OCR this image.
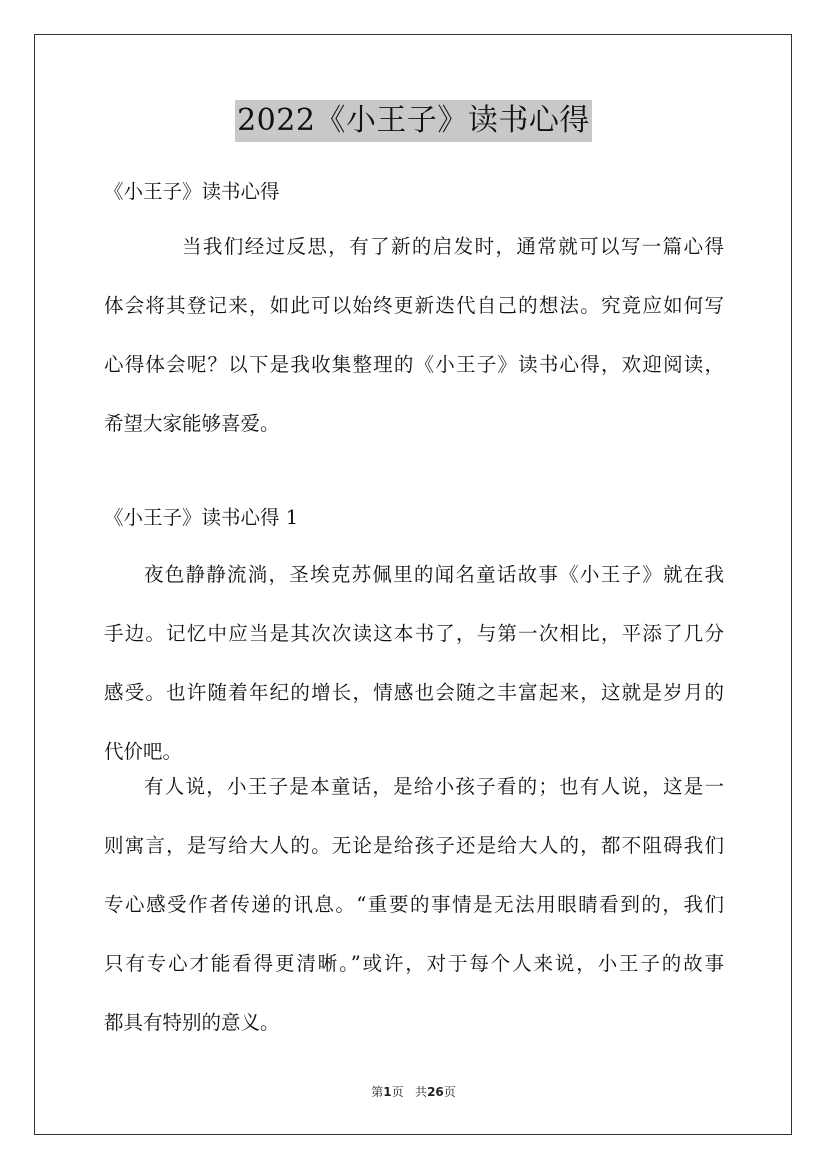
2022《小王子》读书心得

《小王子》读书心得

当我们经过反思，有了新的启发时，通常就可以写一篇心得
体会将其登记来，如此可以始终更新迭代自己的想法。究竟应如何写
心得体会呢？以下是我收集整理的《小王子》读书心得，欢迎阅读，
希望大家能够喜爱。

《小王子》读书心得 1

夜色静静流淌，圣埃克苏佩里的闻名童话故事《小王子》就在我
手边。记忆中应当是其次次读这本书了，与第一次相比，平添了几分
感受。也许随着年纪的增长，情感也会随之丰富起来，这就是岁月的
代价吧。

有人说，小王子是本童话，是给小孩子看的；也有人说，这是一
则寓言，是写给大人的。无论是给孩子还是给大人的，都不阻碍我们
专心感受作者传递的讯息。“重要的事情是无法用眼睛看到的，我们
只有专心才能看得更清晰。”或许，对于每个人来说，小王子的故事
都具有特别的意义。

第1页 共26页
